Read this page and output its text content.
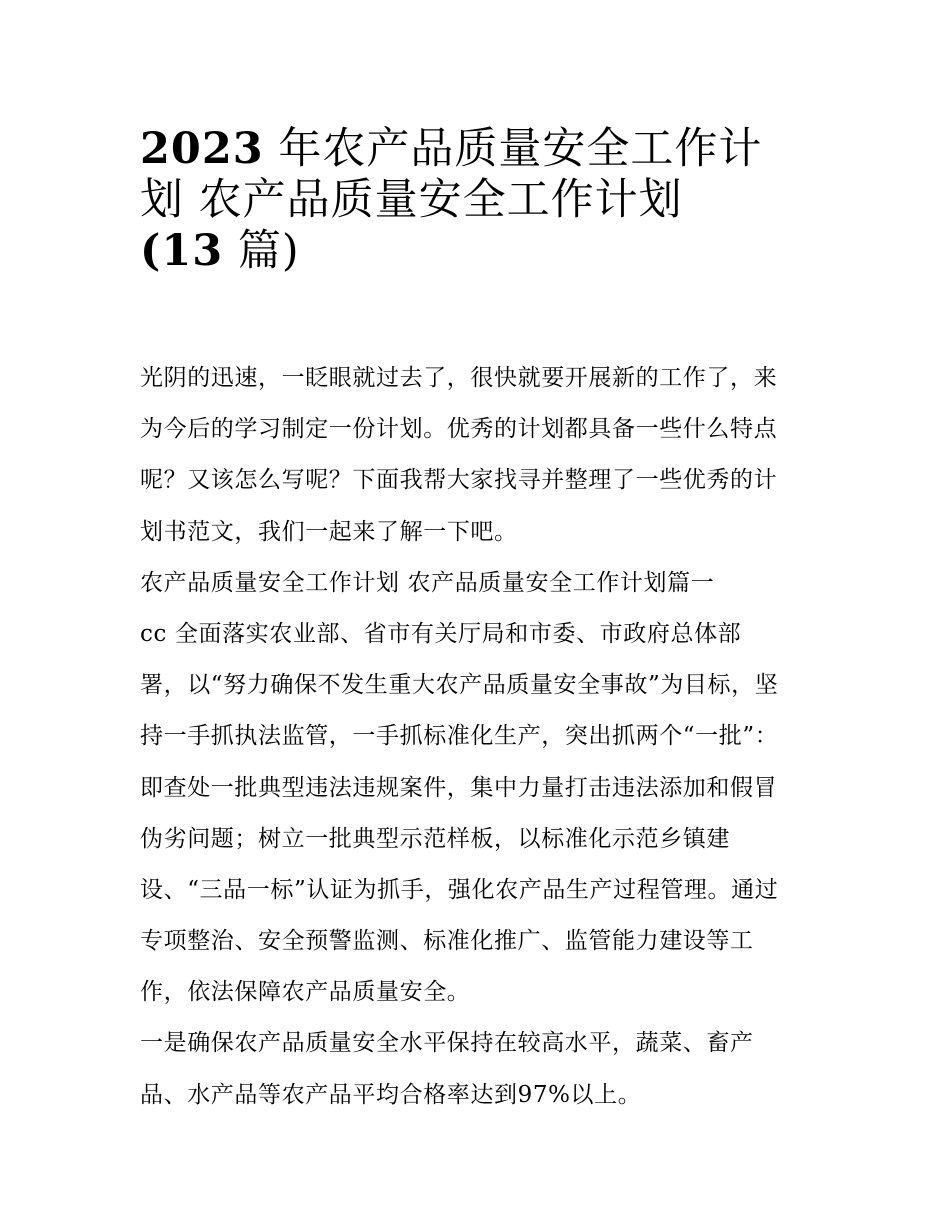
2023 年农产品质量安全工作计
划 农产品质量安全工作计划
(13 篇)
光阴的迅速，一眨眼就过去了，很快就要开展新的工作了，来
为今后的学习制定一份计划。优秀的计划都具备一些什么特点
呢？又该怎么写呢？下面我帮大家找寻并整理了一些优秀的计
划书范文，我们一起来了解一下吧。
农产品质量安全工作计划 农产品质量安全工作计划篇一
cc 全面落实农业部、省市有关厅局和市委、市政府总体部
署，以“努力确保不发生重大农产品质量安全事故”为目标，坚
持一手抓执法监管，一手抓标准化生产，突出抓两个“一批”：
即查处一批典型违法违规案件，集中力量打击违法添加和假冒
伪劣问题；树立一批典型示范样板，以标准化示范乡镇建
设、“三品一标”认证为抓手，强化农产品生产过程管理。通过
专项整治、安全预警监测、标准化推广、监管能力建设等工
作，依法保障农产品质量安全。
一是确保农产品质量安全水平保持在较高水平，蔬菜、畜产
品、水产品等农产品平均合格率达到97%以上。
